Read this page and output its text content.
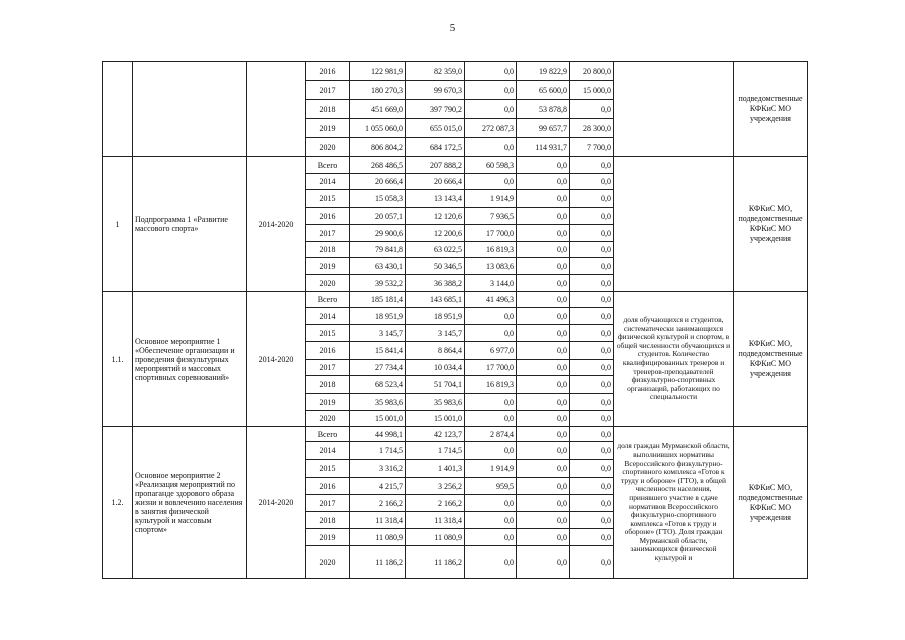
5
			2016	122 981,9	82 359,0	0,0	19 822,9	20 800,0		подведомственные КФКиС МО учреждения
			2017	180 270,3	99 670,3	0,0	65 600,0	15 000,0		
			2018	451 669,0	397 790,2	0,0	53 878,8	0,0		
			2019	1 055 060,0	655 015,0	272 087,3	99 657,7	28 300,0		
			2020	806 804,2	684 172,5	0,0	114 931,7	7 700,0		
1	Подпрограмма 1 «Развитие массового спорта»	2014-2020	Всего	268 486,5	207 888,2	60 598,3	0,0	0,0		КФКиС МО, подведомственные КФКиС МО учреждения
			2014	20 666,4	20 666,4	0,0	0,0	0,0		
			2015	15 058,3	13 143,4	1 914,9	0,0	0,0		
			2016	20 057,1	12 120,6	7 936,5	0,0	0,0		
			2017	29 900,6	12 200,6	17 700,0	0,0	0,0		
			2018	79 841,8	63 022,5	16 819,3	0,0	0,0		
			2019	63 430,1	50 346,5	13 083,6	0,0	0,0		
			2020	39 532,2	36 388,2	3 144,0	0,0	0,0		
1.1.	Основное мероприятие 1 «Обеспечение организации и проведения физкультурных мероприятий и массовых спортивных соревнований»	2014-2020	Всего	185 181,4	143 685,1	41 496,3	0,0	0,0	доля обучающихся и студентов, систематически занимающихся физической культурой и спортом, в общей численности обучающихся и студентов. Количество квалифицированных тренеров и тренеров-преподавателей физкультурно-спортивных организаций, работающих по специальности	КФКиС МО, подведомственные КФКиС МО учреждения
			2014	18 951,9	18 951,9	0,0	0,0	0,0		
			2015	3 145,7	3 145,7	0,0	0,0	0,0		
			2016	15 841,4	8 864,4	6 977,0	0,0	0,0		
			2017	27 734,4	10 034,4	17 700,0	0,0	0,0		
			2018	68 523,4	51 704,1	16 819,3	0,0	0,0		
			2019	35 983,6	35 983,6	0,0	0,0	0,0		
			2020	15 001,0	15 001,0	0,0	0,0	0,0		
1.2.	Основное мероприятие 2 «Реализация мероприятий по пропаганде здорового образа жизни и вовлечению населения в занятия физической культурой и массовым спортом»	2014-2020	Всего	44 998,1	42 123,7	2 874,4	0,0	0,0	доля граждан Мурманской области, выполнивших нормативы Всероссийского физкультурно-спортивного комплекса «Готов к труду и обороне» (ГТО), в общей численности населения, принявшего участие в сдаче нормативов Всероссийского физкультурно-спортивного комплекса «Готов к труду и обороне» (ГТО). Доля граждан Мурманской области, занимающихся физической культурой и	КФКиС МО, подведомственные КФКиС МО учреждения
			2014	1 714,5	1 714,5	0,0	0,0	0,0		
			2015	3 316,2	1 401,3	1 914,9	0,0	0,0		
			2016	4 215,7	3 256,2	959,5	0,0	0,0		
			2017	2 166,2	2 166,2	0,0	0,0	0,0		
			2018	11 318,4	11 318,4	0,0	0,0	0,0		
			2019	11 080,9	11 080,9	0,0	0,0	0,0		
			2020	11 186,2	11 186,2	0,0	0,0	0,0		
